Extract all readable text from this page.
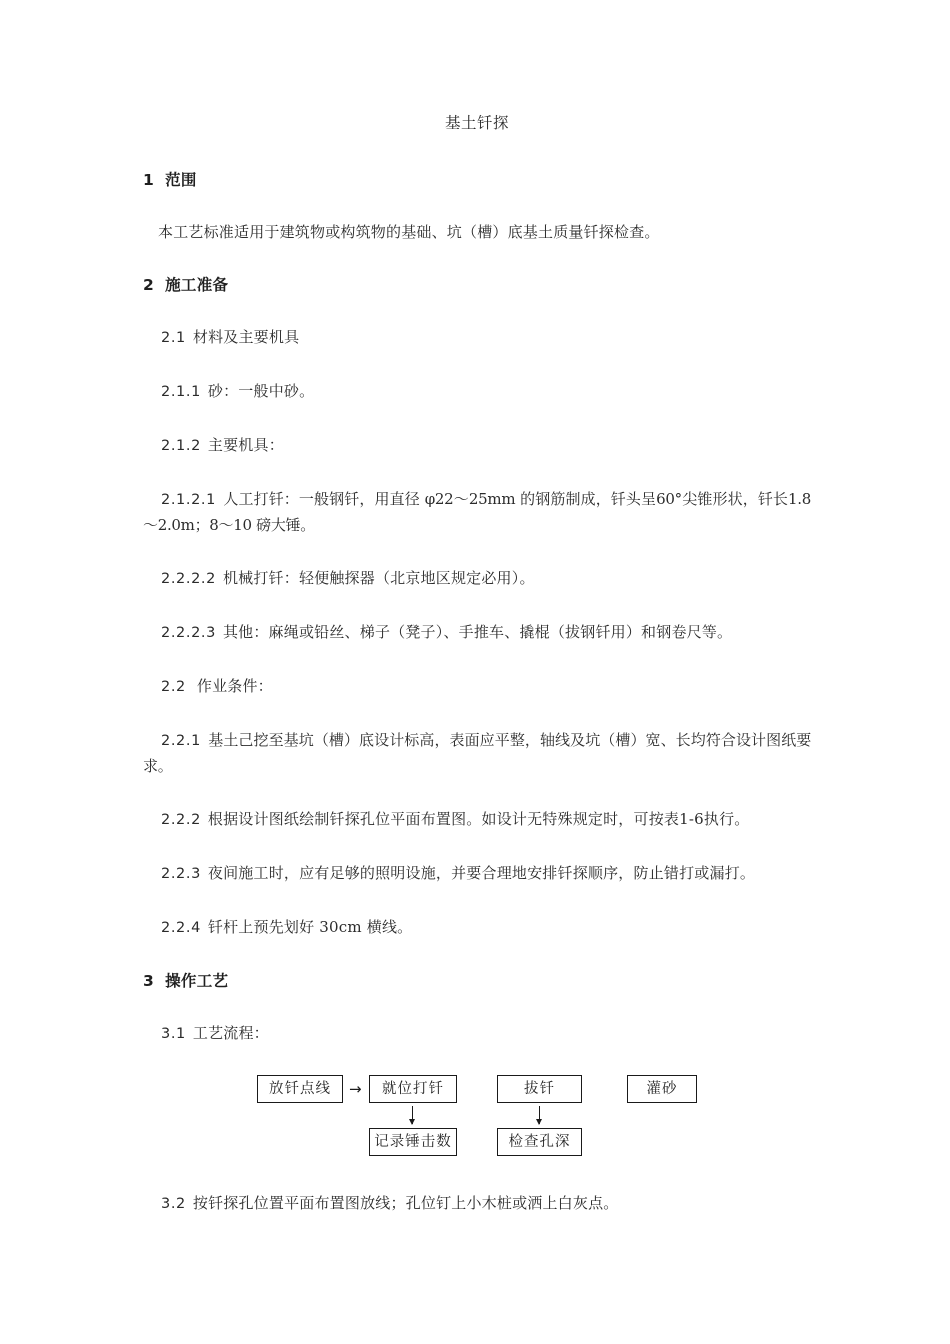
基土钎探
1 范围

本工艺标准适用于建筑物或构筑物的基础、坑（槽）底基土质量钎探检查。

2 施工准备

2.1 材料及主要机具

2.1.1 砂：一般中砂。

2.1.2 主要机具：

2.1.2.1 人工打钎：一般钢钎，用直径 φ22～25mm 的钢筋制成，钎头呈60°尖锥形状，钎长1.8～2.0m；8～10 磅大锤。

2.2.2.2 机械打钎：轻便触探器（北京地区规定必用）。

2.2.2.3 其他：麻绳或铅丝、梯子（凳子）、手推车、撬棍（拔钢钎用）和钢卷尺等。

2.2 作业条件：

2.2.1 基土己挖至基坑（槽）底设计标高，表面应平整，轴线及坑（槽）宽、长均符合设计图纸要求。

2.2.2 根据设计图纸绘制钎探孔位平面布置图。如设计无特殊规定时，可按表1-6执行。

2.2.3 夜间施工时，应有足够的照明设施，并要合理地安排钎探顺序，防止错打或漏打。

2.2.4 钎杆上预先划好 30cm 横线。

3 操作工艺

3.1 工艺流程：

放钎点线	→	就位打钎	拔钎	灌砂
记录锤击数	检查孔深

3.2 按钎探孔位置平面布置图放线；孔位钉上小木桩或洒上白灰点。
